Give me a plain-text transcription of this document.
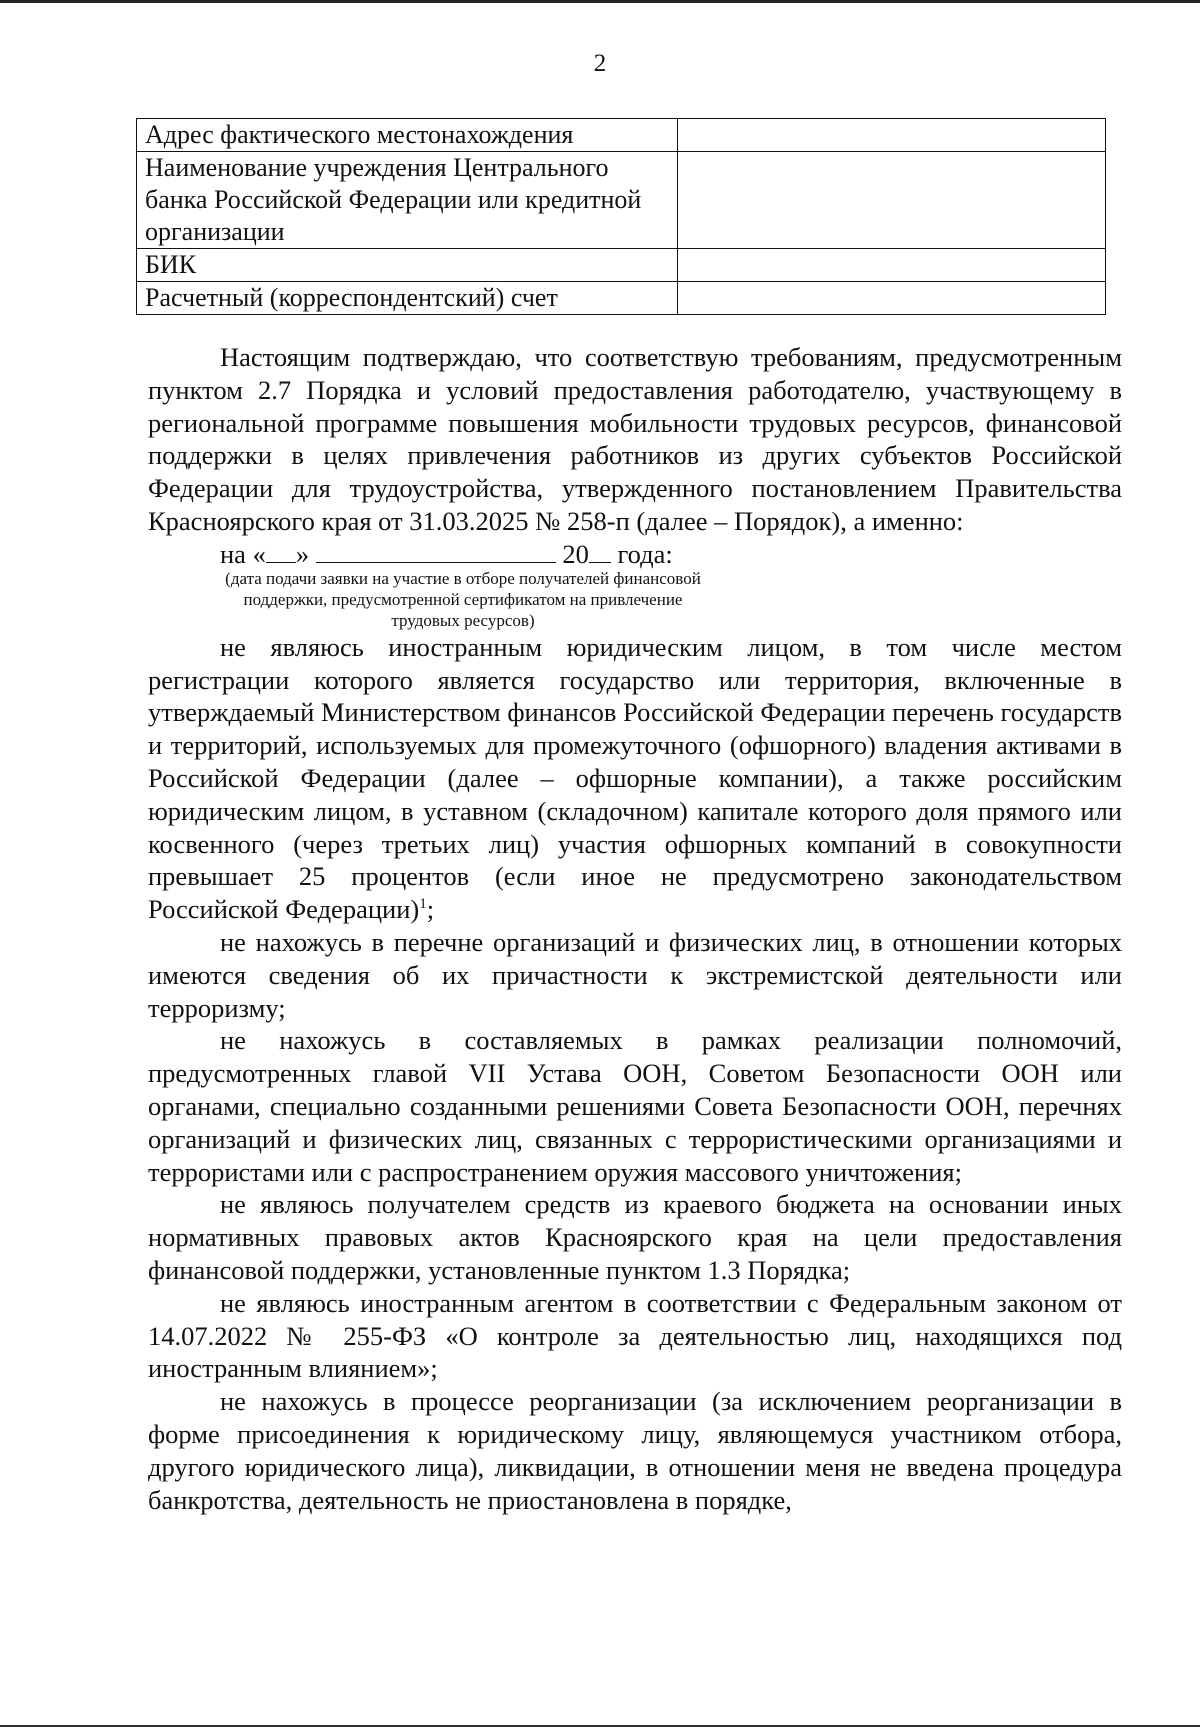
2
Адрес фактического местонахождения	
Наименование учреждения Центрального банка Российской Федерации или кредитной организации	
БИК	
Расчетный (корреспондентский) счет	

Настоящим подтверждаю, что соответствую требованиям, предусмотренным пунктом 2.7 Порядка и условий предоставления работодателю, участвующему в региональной программе повышения мобильности трудовых ресурсов, финансовой поддержки в целях привлечения работников из других субъектов Российской Федерации для трудоустройства, утвержденного постановлением Правительства Красноярского края от 31.03.2025 № 258-п (далее – Порядок), а именно:

на « »	20 года:
(дата подачи заявки на участие в отборе получателей финансовой поддержки, предусмотренной сертификатом на привлечение трудовых ресурсов)

не являюсь иностранным юридическим лицом, в том числе местом регистрации которого является государство или территория, включенные в утверждаемый Министерством финансов Российской Федерации перечень государств и территорий, используемых для промежуточного (офшорного) владения активами в Российской Федерации (далее – офшорные компании), а также российским юридическим лицом, в уставном (складочном) капитале которого доля прямого или косвенного (через третьих лиц) участия офшорных компаний в совокупности превышает 25 процентов (если иное не предусмотрено законодательством Российской Федерации)$^1$;

не нахожусь в перечне организаций и физических лиц, в отношении которых имеются сведения об их причастности к экстремистской деятельности или терроризму;

не нахожусь в составляемых в рамках реализации полномочий, предусмотренных главой VII Устава ООН, Советом Безопасности ООН или органами, специально созданными решениями Совета Безопасности ООН, перечнях организаций и физических лиц, связанных с террористическими организациями и террористами или с распространением оружия массового уничтожения;

не являюсь получателем средств из краевого бюджета на основании иных нормативных правовых актов Красноярского края на цели предоставления финансовой поддержки, установленные пунктом 1.3 Порядка;

не являюсь иностранным агентом в соответствии с Федеральным законом от 14.07.2022 № 255-ФЗ «О контроле за деятельностью лиц, находящихся под иностранным влиянием»;

не нахожусь в процессе реорганизации (за исключением реорганизации в форме присоединения к юридическому лицу, являющемуся участником отбора, другого юридического лица), ликвидации, в отношении меня не введена процедура банкротства, деятельность не приостановлена в порядке,
